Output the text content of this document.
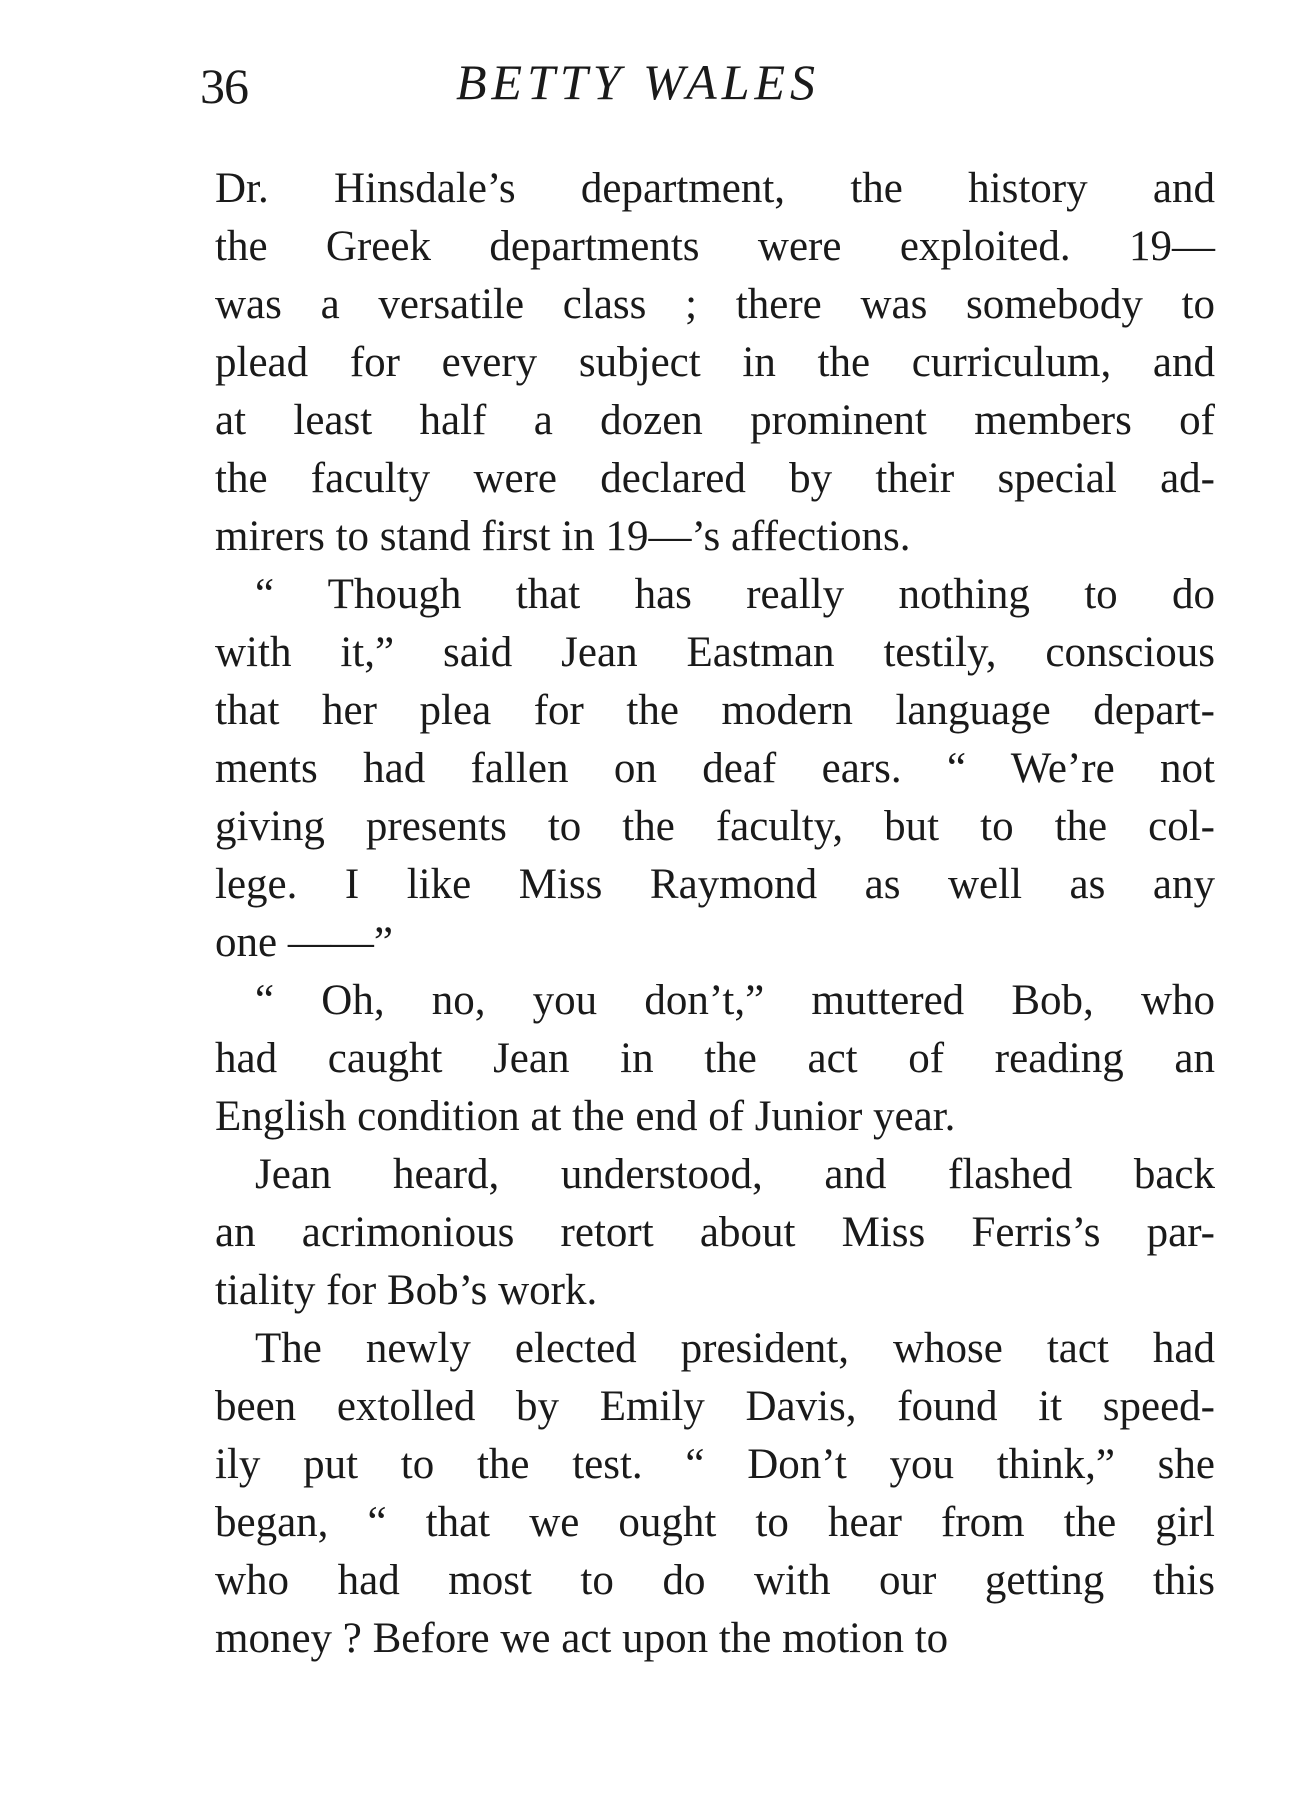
36	BETTY WALES
Dr. Hinsdale’s department, the history and
the Greek departments were exploited. 19—
was a versatile class ; there was somebody to
plead for every subject in the curriculum, and
at least half a dozen prominent members of
the faculty were declared by their special ad-
mirers to stand first in 19—’s affections.
“ Though that has really nothing to do
with it,” said Jean Eastman testily, conscious
that her plea for the modern language depart-
ments had fallen on deaf ears. “ We’re not
giving presents to the faculty, but to the col-
lege. I like Miss Raymond as well as any
one ——”
“ Oh, no, you don’t,” muttered Bob, who
had caught Jean in the act of reading an
English condition at the end of Junior year.
Jean heard, understood, and flashed back
an acrimonious retort about Miss Ferris’s par-
tiality for Bob’s work.
The newly elected president, whose tact had
been extolled by Emily Davis, found it speed-
ily put to the test. “ Don’t you think,” she
began, “ that we ought to hear from the girl
who had most to do with our getting this
money ? Before we act upon the motion to
